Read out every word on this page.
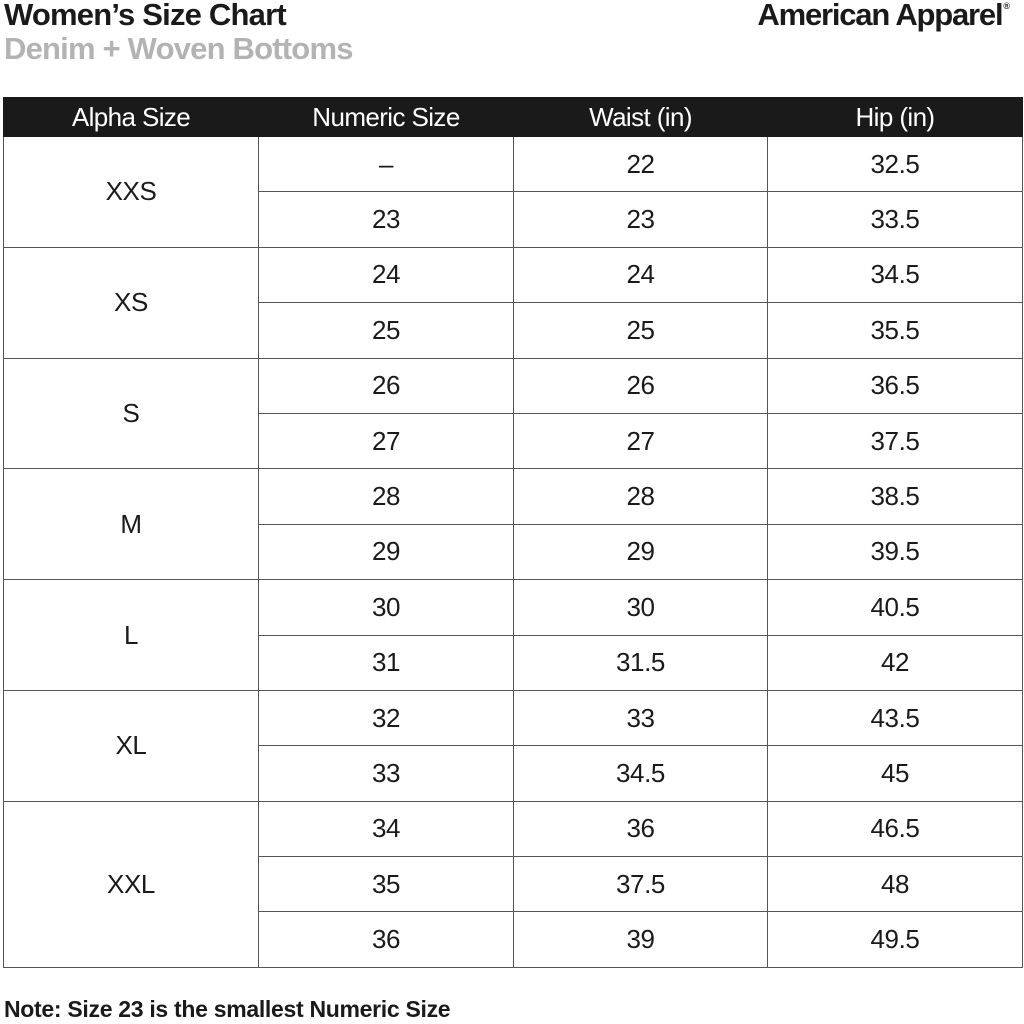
Women’s Size Chart
Denim + Woven Bottoms
American Apparel®
Alpha Size	Numeric Size	Waist (in)	Hip (in)
XXS	–	22	32.5
	23	23	33.5
XS	24	24	34.5
	25	25	35.5
S	26	26	36.5
	27	27	37.5
M	28	28	38.5
	29	29	39.5
L	30	30	40.5
	31	31.5	42
XL	32	33	43.5
	33	34.5	45
XXL	34	36	46.5
	35	37.5	48
	36	39	49.5
Note: Size 23 is the smallest Numeric Size
